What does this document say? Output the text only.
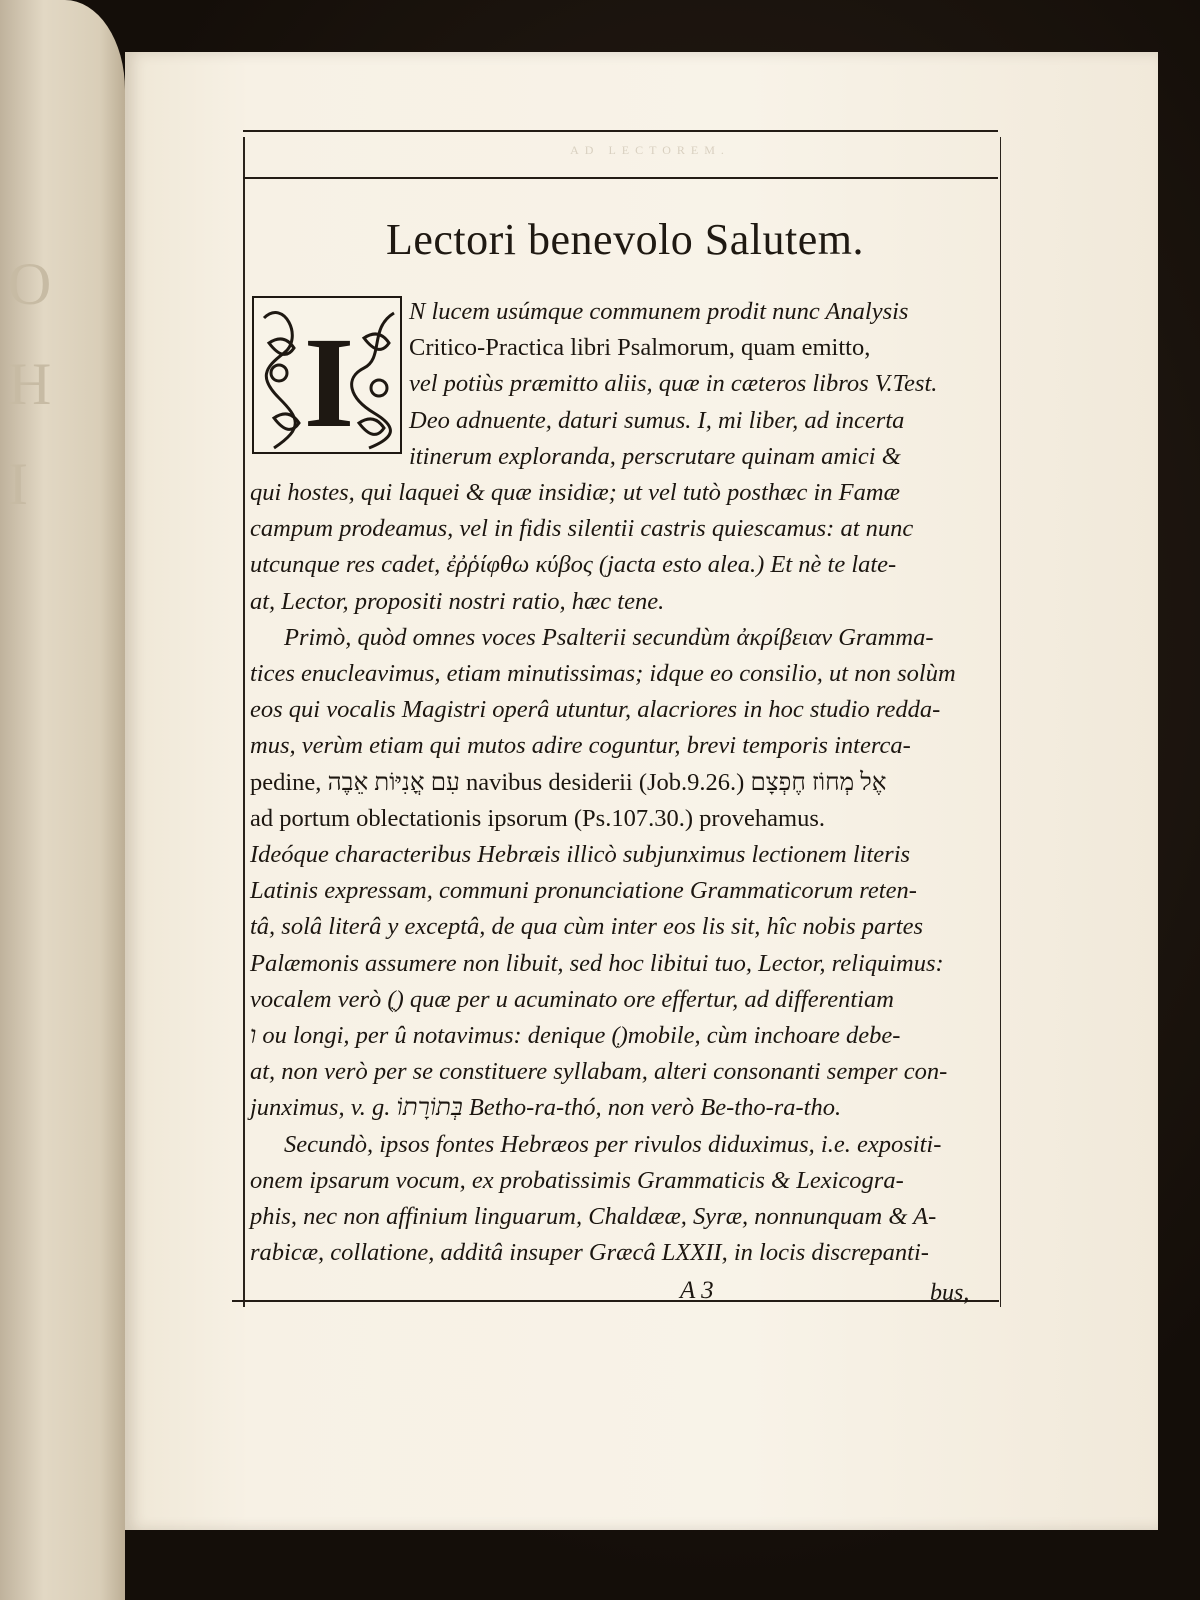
O
H
I
AD LECTOREM.
Lectori benevolo Salutem.
I N lucem usúmque communem prodit nunc Analysis
Critico-Practica libri Psalmorum, quam emitto,
vel potiùs præmitto aliis, quæ in cæteros libros V.Test.
Deo adnuente, daturi sumus. I, mi liber, ad incerta
itinerum exploranda, perscrutare quinam amici &
qui hostes, qui laquei & quæ insidiæ; ut vel tutò posthæc in Famæ
campum prodeamus, vel in fidis silentii castris quiescamus: at nunc
utcunque res cadet, ἐῤῥίφθω κύβος (jacta esto alea.) Et nè te late-
at, Lector, propositi nostri ratio, hæc tene.
Primò, quòd omnes voces Psalterii secundùm ἀκρίβειαν Gramma-
tices enucleavimus, etiam minutissimas; idque eo consilio, ut non solùm
eos qui vocalis Magistri operâ utuntur, alacriores in hoc studio redda-
mus, verùm etiam qui mutos adire coguntur, brevi temporis interca-
pedine, עִם אֳנִיּוֹת אֵבֶה navibus desiderii (Job.9.26.) אֶל מְחוֹז חֶפְצָם
ad portum oblectationis ipsorum (Ps.107.30.) provehamus.
Ideóque characteribus Hebræis illicò subjunximus lectionem literis
Latinis expressam, communi pronunciatione Grammaticorum reten-
tâ, solâ literâ y exceptâ, de qua cùm inter eos lis sit, hîc nobis partes
Palæmonis assumere non libuit, sed hoc libitui tuo, Lector, reliquimus:
vocalem verò (ֻ) quæ per u acuminato ore effertur, ad differentiam
ו ou longi, per û notavimus: denique (ְ)mobile, cùm inchoare debe-
at, non verò per se constituere syllabam, alteri consonanti semper con-
junximus, v. g. בְּתוֹרָתוֹ Betho-ra-thó, non verò Be-tho-ra-tho.
Secundò, ipsos fontes Hebræos per rivulos diduximus, i.e. expositi-
onem ipsarum vocum, ex probatissimis Grammaticis & Lexicogra-
phis, nec non affinium linguarum, Chaldææ, Syræ, nonnunquam & A-
rabicæ, collatione, additâ insuper Græcâ LXXII, in locis discrepanti-
A 3	bus,
